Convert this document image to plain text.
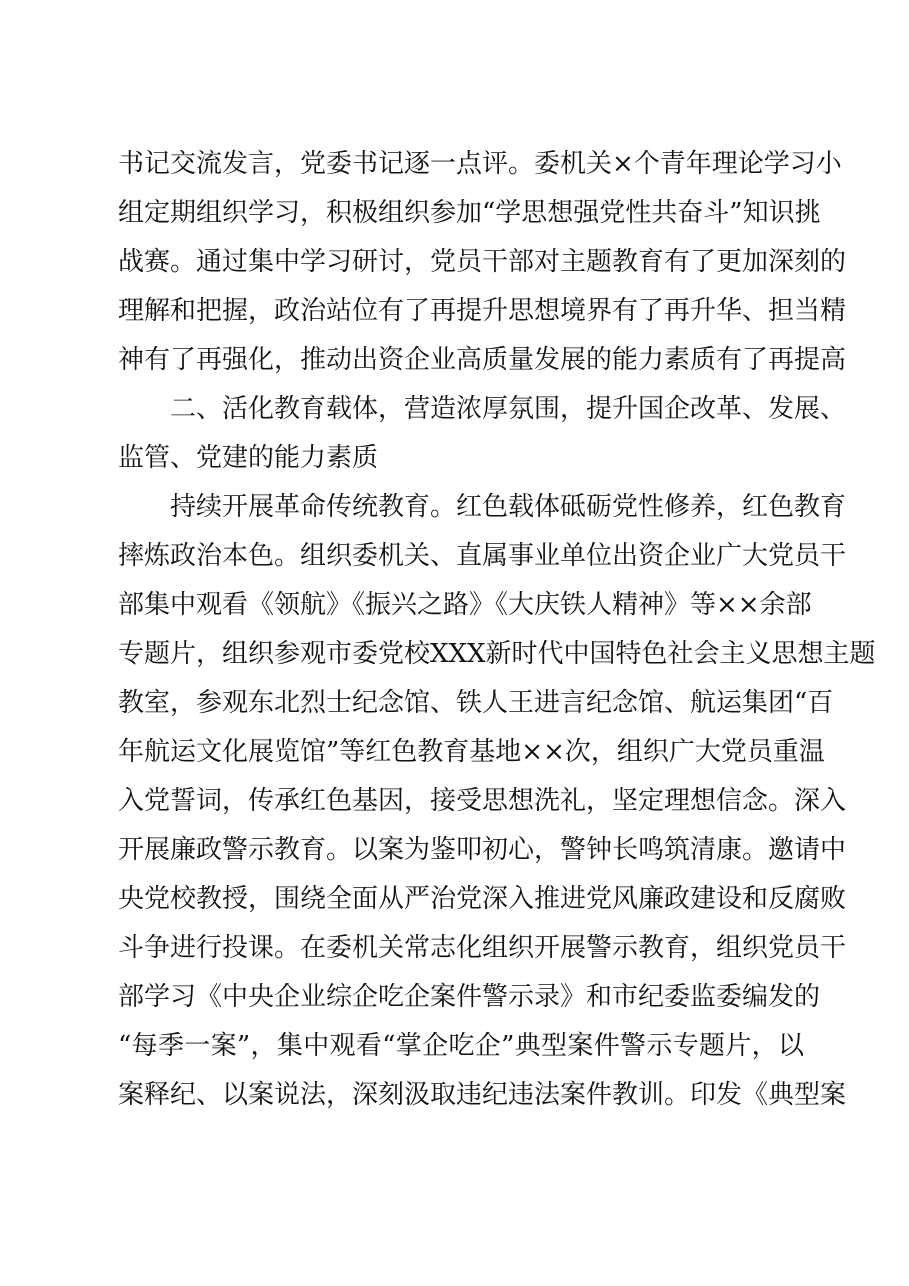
书记交流发言，党委书记逐一点评。委机关×个青年理论学习小
组定期组织学习，积极组织参加“学思想强党性共奋斗”知识挑
战赛。通过集中学习研讨，党员干部对主题教育有了更加深刻的
理解和把握，政治站位有了再提升思想境界有了再升华、担当精
神有了再强化，推动出资企业高质量发展的能力素质有了再提高
二、活化教育载体，营造浓厚氛围，提升国企改革、发展、
监管、党建的能力素质
持续开展革命传统教育。红色载体砥砺党性修养，红色教育
摔炼政治本色。组织委机关、直属事业单位出资企业广大党员干
部集中观看《领航》《振兴之路》《大庆铁人精神》等××余部
专题片，组织参观市委党校XXX新时代中国特色社会主义思想主题
教室，参观东北烈士纪念馆、铁人王进言纪念馆、航运集团“百
年航运文化展览馆”等红色教育基地××次，组织广大党员重温
入党誓词，传承红色基因，接受思想洗礼，坚定理想信念。深入
开展廉政警示教育。以案为鉴叩初心，警钟长鸣筑清康。邀请中
央党校教授，围绕全面从严治党深入推进党风廉政建设和反腐败
斗争进行投课。在委机关常志化组织开展警示教育，组织党员干
部学习《中央企业综企吃企案件警示录》和市纪委监委编发的
“每季一案”，集中观看“掌企吃企”典型案件警示专题片，以
案释纪、以案说法，深刻汲取违纪违法案件教训。印发《典型案
